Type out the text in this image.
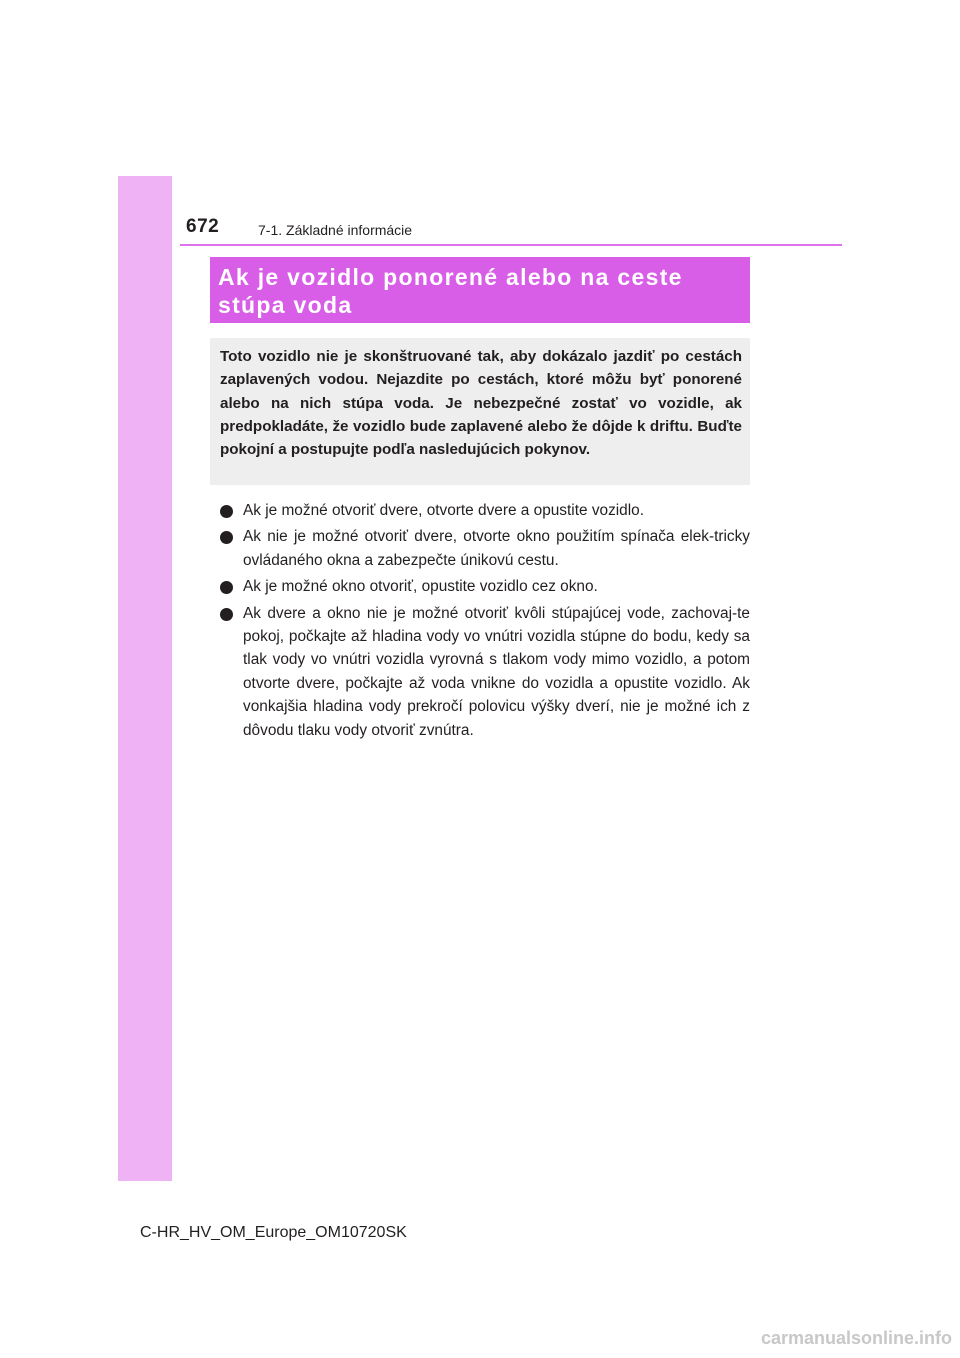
672	7-1. Základné informácie

Ak je vozidlo ponorené alebo na ceste stúpa voda

Toto vozidlo nie je skonštruované tak, aby dokázalo jazdiť po cestách zaplavených vodou. Nejazdite po cestách, ktoré môžu byť ponorené alebo na nich stúpa voda. Je nebezpečné zostať vo vozidle, ak predpokladáte, že vozidlo bude zaplavené alebo že dôjde k driftu. Buďte pokojní a postupujte podľa nasledujúcich pokynov.

Ak je možné otvoriť dvere, otvorte dvere a opustite vozidlo.
Ak nie je možné otvoriť dvere, otvorte okno použitím spínača elek-tricky ovládaného okna a zabezpečte únikovú cestu.
Ak je možné okno otvoriť, opustite vozidlo cez okno.
Ak dvere a okno nie je možné otvoriť kvôli stúpajúcej vode, zachovaj-te pokoj, počkajte až hladina vody vo vnútri vozidla stúpne do bodu, kedy sa tlak vody vo vnútri vozidla vyrovná s tlakom vody mimo vozidlo, a potom otvorte dvere, počkajte až voda vnikne do vozidla a opustite vozidlo. Ak vonkajšia hladina vody prekročí polovicu výšky dverí, nie je možné ich z dôvodu tlaku vody otvoriť zvnútra.
C-HR_HV_OM_Europe_OM10720SK
carmanualsonline.info
